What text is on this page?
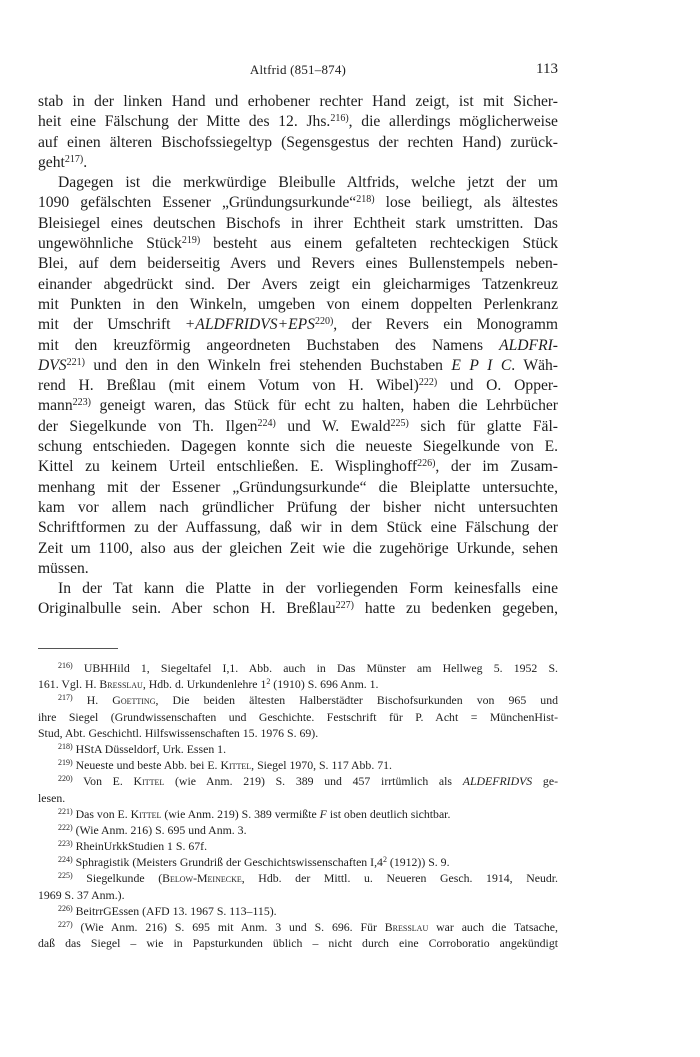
Altfrid (851–874)	113
stab in der linken Hand und erhobener rechter Hand zeigt, ist mit Sicher-
heit eine Fälschung der Mitte des 12. Jhs.$^{216)}$, die allerdings möglicherweise
auf einen älteren Bischofssiegeltyp (Segensgestus der rechten Hand) zurück-
geht$^{217)}$.
Dagegen ist die merkwürdige Bleibulle Altfrids, welche jetzt der um
1090 gefälschten Essener „Gründungsurkunde“$^{218)}$ lose beiliegt, als ältestes
Bleisiegel eines deutschen Bischofs in ihrer Echtheit stark umstritten. Das
ungewöhnliche Stück$^{219)}$ besteht aus einem gefalteten rechteckigen Stück
Blei, auf dem beiderseitig Avers und Revers eines Bullenstempels neben-
einander abgedrückt sind. Der Avers zeigt ein gleicharmiges Tatzenkreuz
mit Punkten in den Winkeln, umgeben von einem doppelten Perlenkranz
mit der Umschrift $+ALDFRIDVS+EPS^{220)}$, der Revers ein Monogramm
mit den kreuzförmig angeordneten Buchstaben des Namens ALDFRI-
DVS$^{221)}$ und den in den Winkeln frei stehenden Buchstaben E P I C. Wäh-
rend H. Breßlau (mit einem Votum von H. Wibel)$^{222)}$ und O. Opper-
mann$^{223)}$ geneigt waren, das Stück für echt zu halten, haben die Lehrbücher
der Siegelkunde von Th. Ilgen$^{224)}$ und W. Ewald$^{225)}$ sich für glatte Fäl-
schung entschieden. Dagegen konnte sich die neueste Siegelkunde von E.
Kittel zu keinem Urteil entschließen. E. Wisplinghoff$^{226)}$, der im Zusam-
menhang mit der Essener „Gründungsurkunde“ die Bleiplatte untersuchte,
kam vor allem nach gründlicher Prüfung der bisher nicht untersuchten
Schriftformen zu der Auffassung, daß wir in dem Stück eine Fälschung der
Zeit um 1100, also aus der gleichen Zeit wie die zugehörige Urkunde, sehen
müssen.
In der Tat kann die Platte in der vorliegenden Form keinesfalls eine
Originalbulle sein. Aber schon H. Breßlau$^{227)}$ hatte zu bedenken gegeben,
$^{216)}$ UBHHild 1, Siegeltafel I,1. Abb. auch in Das Münster am Hellweg 5. 1952 S.
161. Vgl. H. Bresslau, Hdb. d. Urkundenlehre $1^2$ (1910) S. 696 Anm. 1.
$^{217)}$ H. Goetting, Die beiden ältesten Halberstädter Bischofsurkunden von 965 und
ihre Siegel (Grundwissenschaften und Geschichte. Festschrift für P. Acht = MünchenHist-
Stud, Abt. Geschichtl. Hilfswissenschaften 15. 1976 S. 69).
$^{218)}$ HStA Düsseldorf, Urk. Essen 1.
$^{219)}$ Neueste und beste Abb. bei E. Kittel, Siegel 1970, S. 117 Abb. 71.
$^{220)}$ Von E. Kittel (wie Anm. 219) S. 389 und 457 irrtümlich als ALDEFRIDVS ge-
lesen.
$^{221)}$ Das von E. Kittel (wie Anm. 219) S. 389 vermißte F ist oben deutlich sichtbar.
$^{222)}$ (Wie Anm. 216) S. 695 und Anm. 3.
$^{223)}$ RheinUrkkStudien 1 S. 67f.
$^{224)}$ Sphragistik (Meisters Grundriß der Geschichtswissenschaften $I,4^2$ (1912)) S. 9.
$^{225)}$ Siegelkunde (Below-Meinecke, Hdb. der Mittl. u. Neueren Gesch. 1914, Neudr.
1969 S. 37 Anm.).
$^{226)}$ BeitrrGEssen (AFD 13. 1967 S. 113–115).
$^{227)}$ (Wie Anm. 216) S. 695 mit Anm. 3 und S. 696. Für Bresslau war auch die Tatsache,
daß das Siegel – wie in Papsturkunden üblich – nicht durch eine Corroboratio angekündigt
